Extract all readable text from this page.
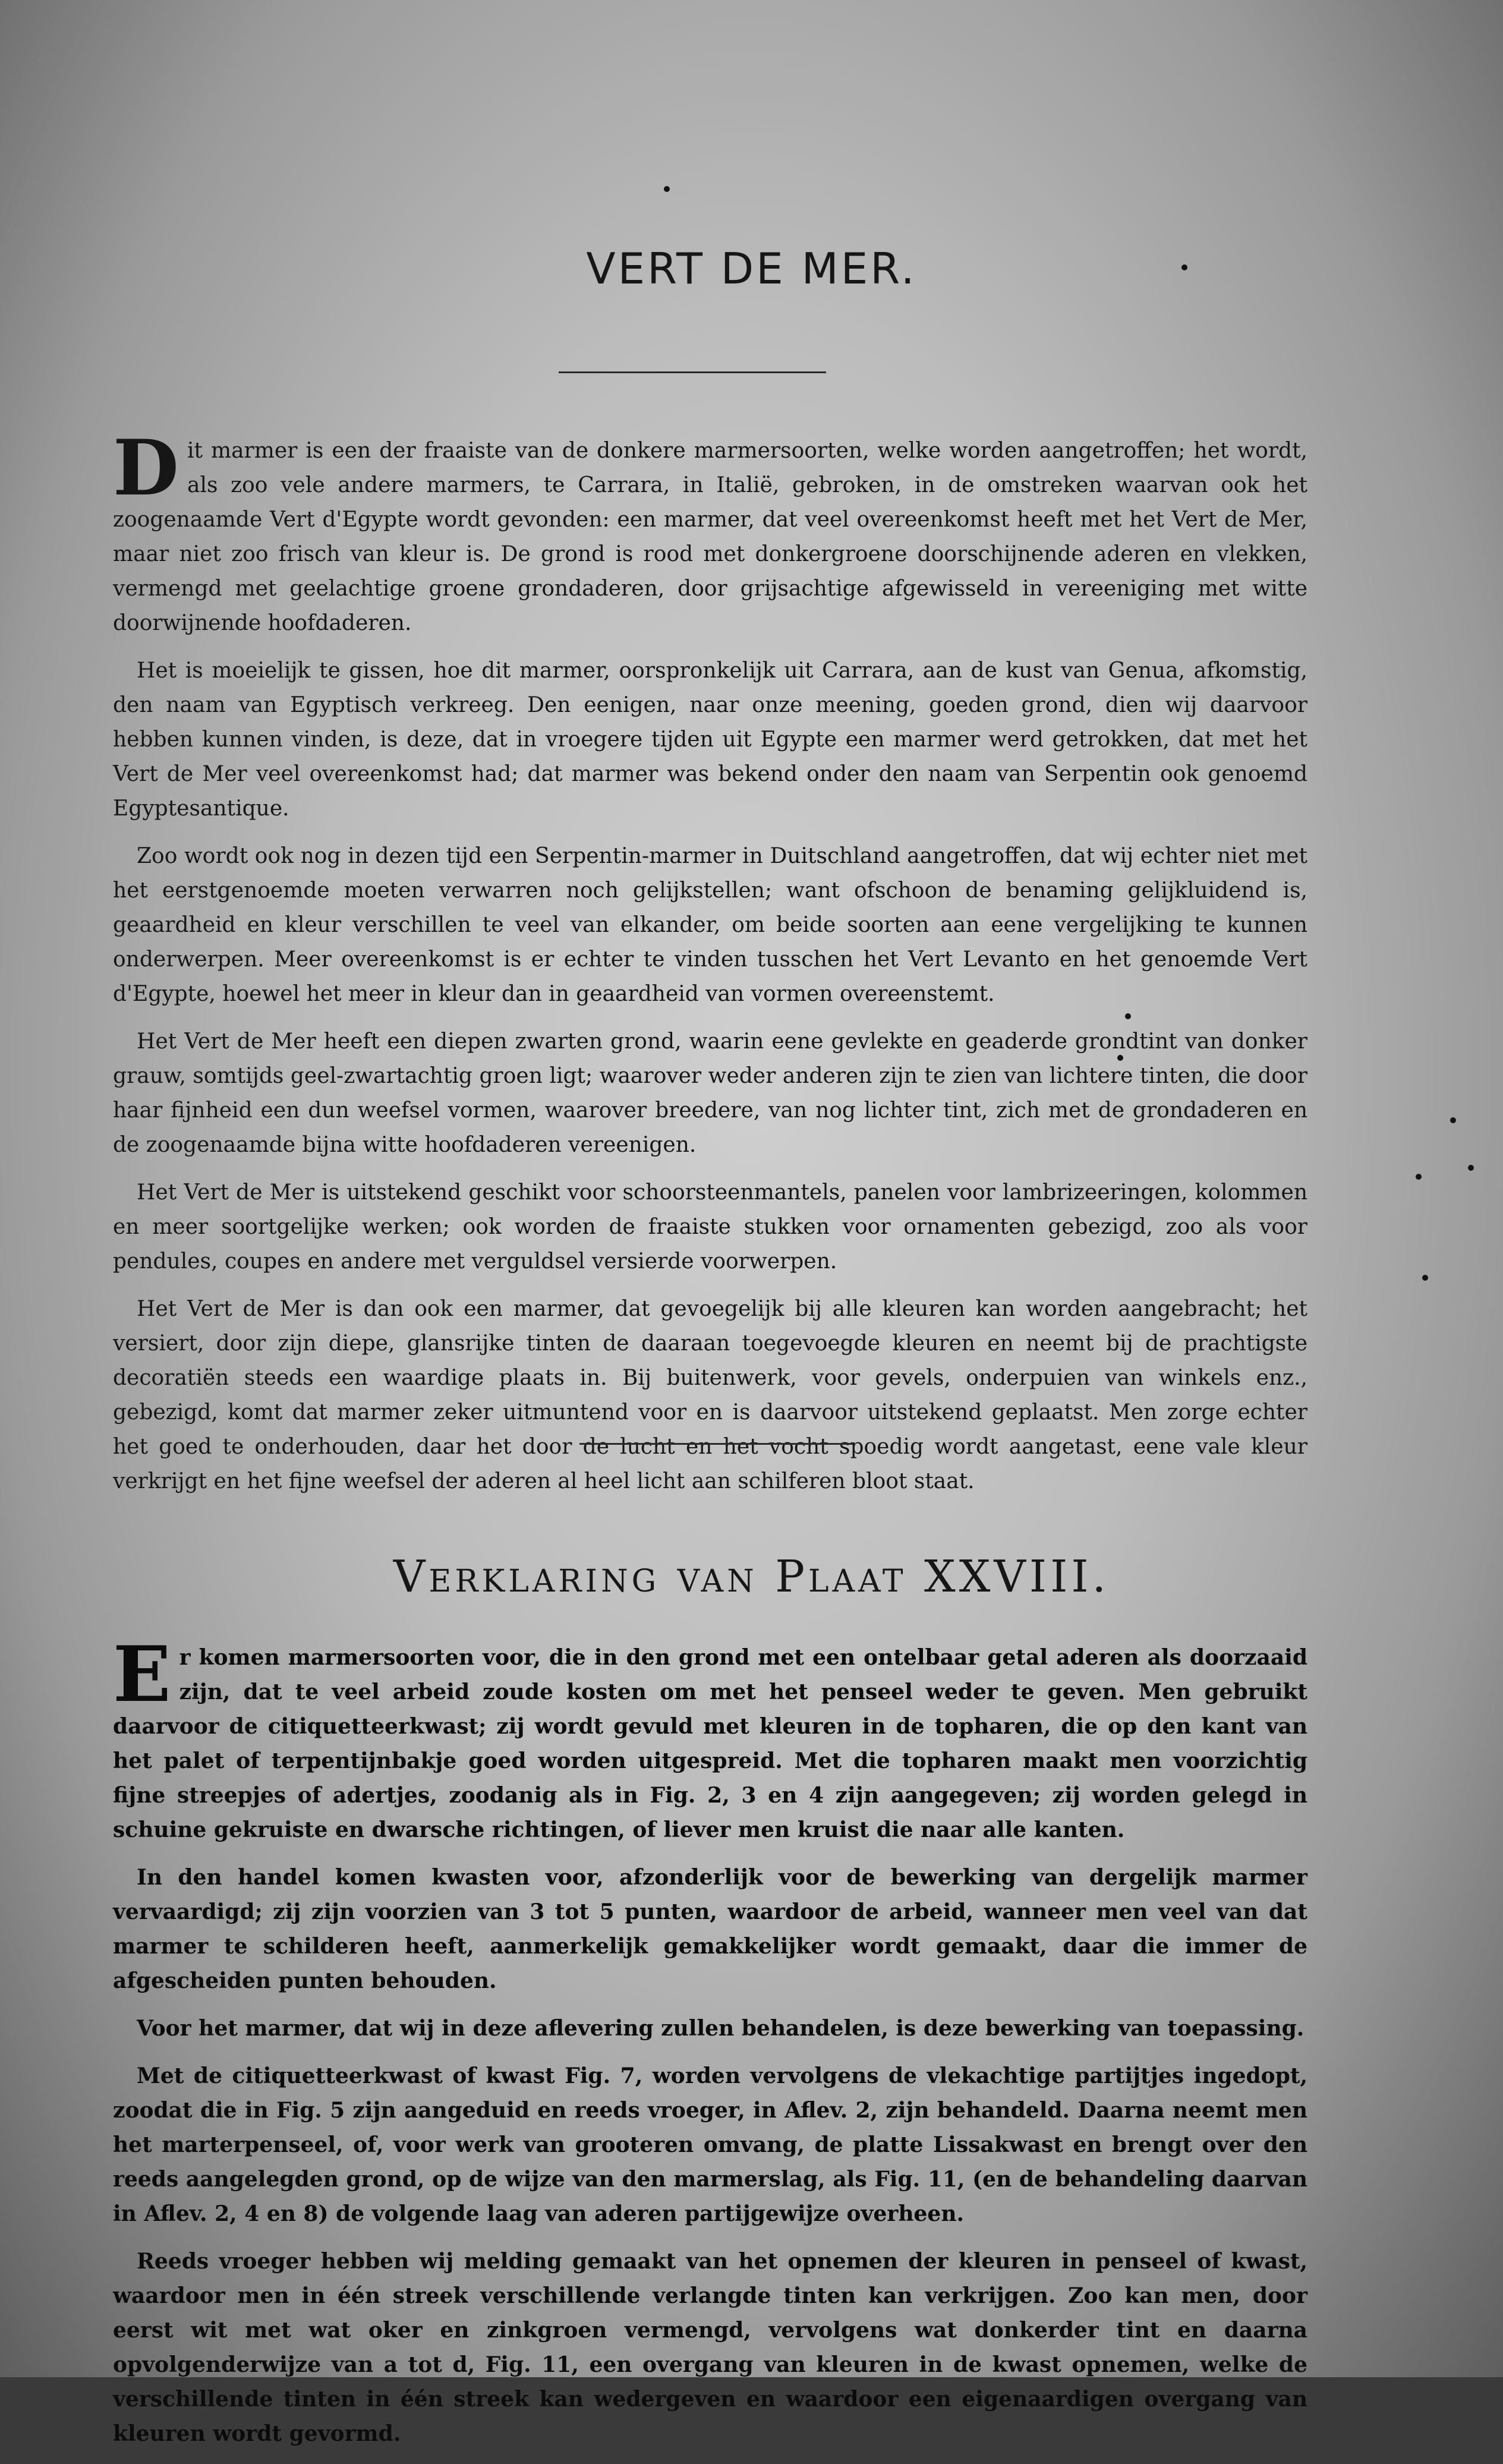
VERT DE MER.

Dit marmer is een der fraaiste van de donkere marmersoorten, welke worden aangetroffen; het wordt, als zoo vele andere marmers, te Carrara, in Italië, gebroken, in de omstreken waarvan ook het zoogenaamde Vert d'Egypte wordt gevonden: een marmer, dat veel overeenkomst heeft met het Vert de Mer, maar niet zoo frisch van kleur is. De grond is rood met donkergroene doorschijnende aderen en vlekken, vermengd met geelachtige groene grondaderen, door grijsachtige afgewisseld in vereeniging met witte doorwijnende hoofdaderen.

Het is moeielijk te gissen, hoe dit marmer, oorspronkelijk uit Carrara, aan de kust van Genua, afkomstig, den naam van Egyptisch verkreeg. Den eenigen, naar onze meening, goeden grond, dien wij daarvoor hebben kunnen vinden, is deze, dat in vroegere tijden uit Egypte een marmer werd getrokken, dat met het Vert de Mer veel overeenkomst had; dat marmer was bekend onder den naam van Serpentin ook genoemd Egyptesantique.

Zoo wordt ook nog in dezen tijd een Serpentin-marmer in Duitschland aangetroffen, dat wij echter niet met het eerstgenoemde moeten verwarren noch gelijkstellen; want ofschoon de benaming gelijkluidend is, geaardheid en kleur verschillen te veel van elkander, om beide soorten aan eene vergelijking te kunnen onderwerpen. Meer overeenkomst is er echter te vinden tusschen het Vert Levanto en het genoemde Vert d'Egypte, hoewel het meer in kleur dan in geaardheid van vormen overeenstemt.

Het Vert de Mer heeft een diepen zwarten grond, waarin eene gevlekte en geaderde grondtint van donker grauw, somtijds geel-zwartachtig groen ligt; waarover weder anderen zijn te zien van lichtere tinten, die door haar fijnheid een dun weefsel vormen, waarover breedere, van nog lichter tint, zich met de grondaderen en de zoogenaamde bijna witte hoofdaderen vereenigen.

Het Vert de Mer is uitstekend geschikt voor schoorsteenmantels, panelen voor lambrizeeringen, kolommen en meer soortgelijke werken; ook worden de fraaiste stukken voor ornamenten gebezigd, zoo als voor pendules, coupes en andere met verguldsel versierde voorwerpen.

Het Vert de Mer is dan ook een marmer, dat gevoegelijk bij alle kleuren kan worden aangebracht; het versiert, door zijn diepe, glansrijke tinten de daaraan toegevoegde kleuren en neemt bij de prachtigste decoratiën steeds een waardige plaats in. Bij buitenwerk, voor gevels, onderpuien van winkels enz., gebezigd, komt dat marmer zeker uitmuntend voor en is daarvoor uitstekend geplaatst. Men zorge echter het goed te onderhouden, daar het door de lucht en het vocht spoedig wordt aangetast, eene vale kleur verkrijgt en het fijne weefsel der aderen al heel licht aan schilferen bloot staat.

Verklaring van Plaat XXVIII.

Er komen marmersoorten voor, die in den grond met een ontelbaar getal aderen als doorzaaid zijn, dat te veel arbeid zoude kosten om met het penseel weder te geven. Men gebruikt daarvoor de citiquetteerkwast; zij wordt gevuld met kleuren in de topharen, die op den kant van het palet of terpentijnbakje goed worden uitgespreid. Met die topharen maakt men voorzichtig fijne streepjes of adertjes, zoodanig als in Fig. 2, 3 en 4 zijn aangegeven; zij worden gelegd in schuine gekruiste en dwarsche richtingen, of liever men kruist die naar alle kanten.

In den handel komen kwasten voor, afzonderlijk voor de bewerking van dergelijk marmer vervaardigd; zij zijn voorzien van 3 tot 5 punten, waardoor de arbeid, wanneer men veel van dat marmer te schilderen heeft, aanmerkelijk gemakkelijker wordt gemaakt, daar die immer de afgescheiden punten behouden.

Voor het marmer, dat wij in deze aflevering zullen behandelen, is deze bewerking van toepassing.

Met de citiquetteerkwast of kwast Fig. 7, worden vervolgens de vlekachtige partijtjes ingedopt, zoodat die in Fig. 5 zijn aangeduid en reeds vroeger, in Aflev. 2, zijn behandeld. Daarna neemt men het marterpenseel, of, voor werk van grooteren omvang, de platte Lissakwast en brengt over den reeds aangelegden grond, op de wijze van den marmerslag, als Fig. 11, (en de behandeling daarvan in Aflev. 2, 4 en 8) de volgende laag van aderen partijgewijze overheen.

Reeds vroeger hebben wij melding gemaakt van het opnemen der kleuren in penseel of kwast, waardoor men in één streek verschillende verlangde tinten kan verkrijgen. Zoo kan men, door eerst wit met wat oker en zinkgroen vermengd, vervolgens wat donkerder tint en daarna opvolgenderwijze van a tot d, Fig. 11, een overgang van kleuren in de kwast opnemen, welke de verschillende tinten in één streek kan wedergeven en waardoor een eigenaardigen overgang van kleuren wordt gevormd.
